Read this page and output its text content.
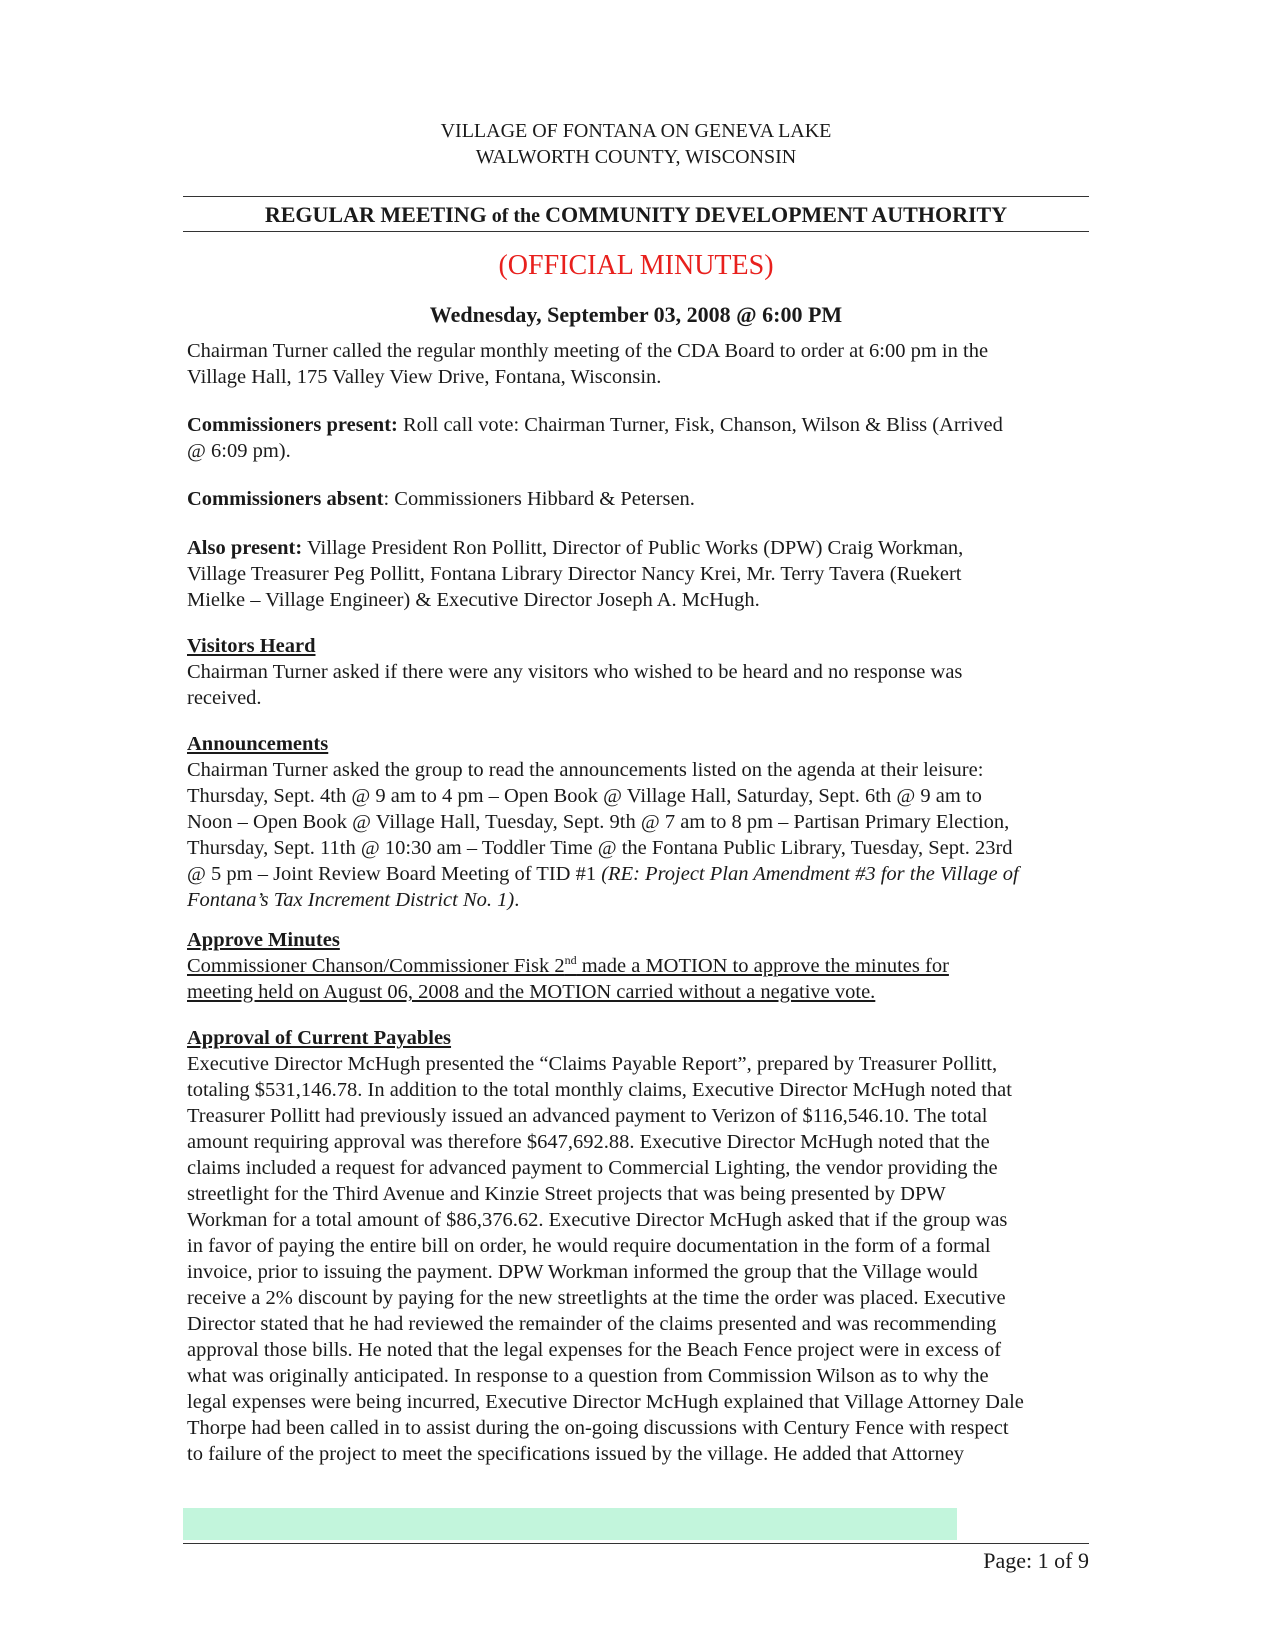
VILLAGE OF FONTANA ON GENEVA LAKE
WALWORTH COUNTY, WISCONSIN
REGULAR MEETING of the COMMUNITY DEVELOPMENT AUTHORITY
(OFFICIAL MINUTES)
Wednesday, September 03, 2008 @ 6:00 PM
Chairman Turner called the regular monthly meeting of the CDA Board to order at 6:00 pm in the
Village Hall, 175 Valley View Drive, Fontana, Wisconsin.
Commissioners present: Roll call vote: Chairman Turner, Fisk, Chanson, Wilson & Bliss (Arrived
@ 6:09 pm).
Commissioners absent: Commissioners Hibbard & Petersen.
Also present: Village President Ron Pollitt, Director of Public Works (DPW) Craig Workman,
Village Treasurer Peg Pollitt, Fontana Library Director Nancy Krei, Mr. Terry Tavera (Ruekert
Mielke – Village Engineer) & Executive Director Joseph A. McHugh.
Visitors Heard
Chairman Turner asked if there were any visitors who wished to be heard and no response was
received.
Announcements
Chairman Turner asked the group to read the announcements listed on the agenda at their leisure:
Thursday, Sept. 4th @ 9 am to 4 pm – Open Book @ Village Hall, Saturday, Sept. 6th @ 9 am to
Noon – Open Book @ Village Hall, Tuesday, Sept. 9th @ 7 am to 8 pm – Partisan Primary Election,
Thursday, Sept. 11th @ 10:30 am – Toddler Time @ the Fontana Public Library, Tuesday, Sept. 23rd
@ 5 pm – Joint Review Board Meeting of TID #1 (RE: Project Plan Amendment #3 for the Village of
Fontana’s Tax Increment District No. 1).
Approve Minutes
Commissioner Chanson/Commissioner Fisk 2nd made a MOTION to approve the minutes for
meeting held on August 06, 2008 and the MOTION carried without a negative vote.
Approval of Current Payables
Executive Director McHugh presented the “Claims Payable Report”, prepared by Treasurer Pollitt,
totaling $531,146.78. In addition to the total monthly claims, Executive Director McHugh noted that
Treasurer Pollitt had previously issued an advanced payment to Verizon of $116,546.10. The total
amount requiring approval was therefore $647,692.88. Executive Director McHugh noted that the
claims included a request for advanced payment to Commercial Lighting, the vendor providing the
streetlight for the Third Avenue and Kinzie Street projects that was being presented by DPW
Workman for a total amount of $86,376.62. Executive Director McHugh asked that if the group was
in favor of paying the entire bill on order, he would require documentation in the form of a formal
invoice, prior to issuing the payment. DPW Workman informed the group that the Village would
receive a 2% discount by paying for the new streetlights at the time the order was placed. Executive
Director stated that he had reviewed the remainder of the claims presented and was recommending
approval those bills. He noted that the legal expenses for the Beach Fence project were in excess of
what was originally anticipated. In response to a question from Commission Wilson as to why the
legal expenses were being incurred, Executive Director McHugh explained that Village Attorney Dale
Thorpe had been called in to assist during the on-going discussions with Century Fence with respect
to failure of the project to meet the specifications issued by the village. He added that Attorney
Page: 1 of 9
